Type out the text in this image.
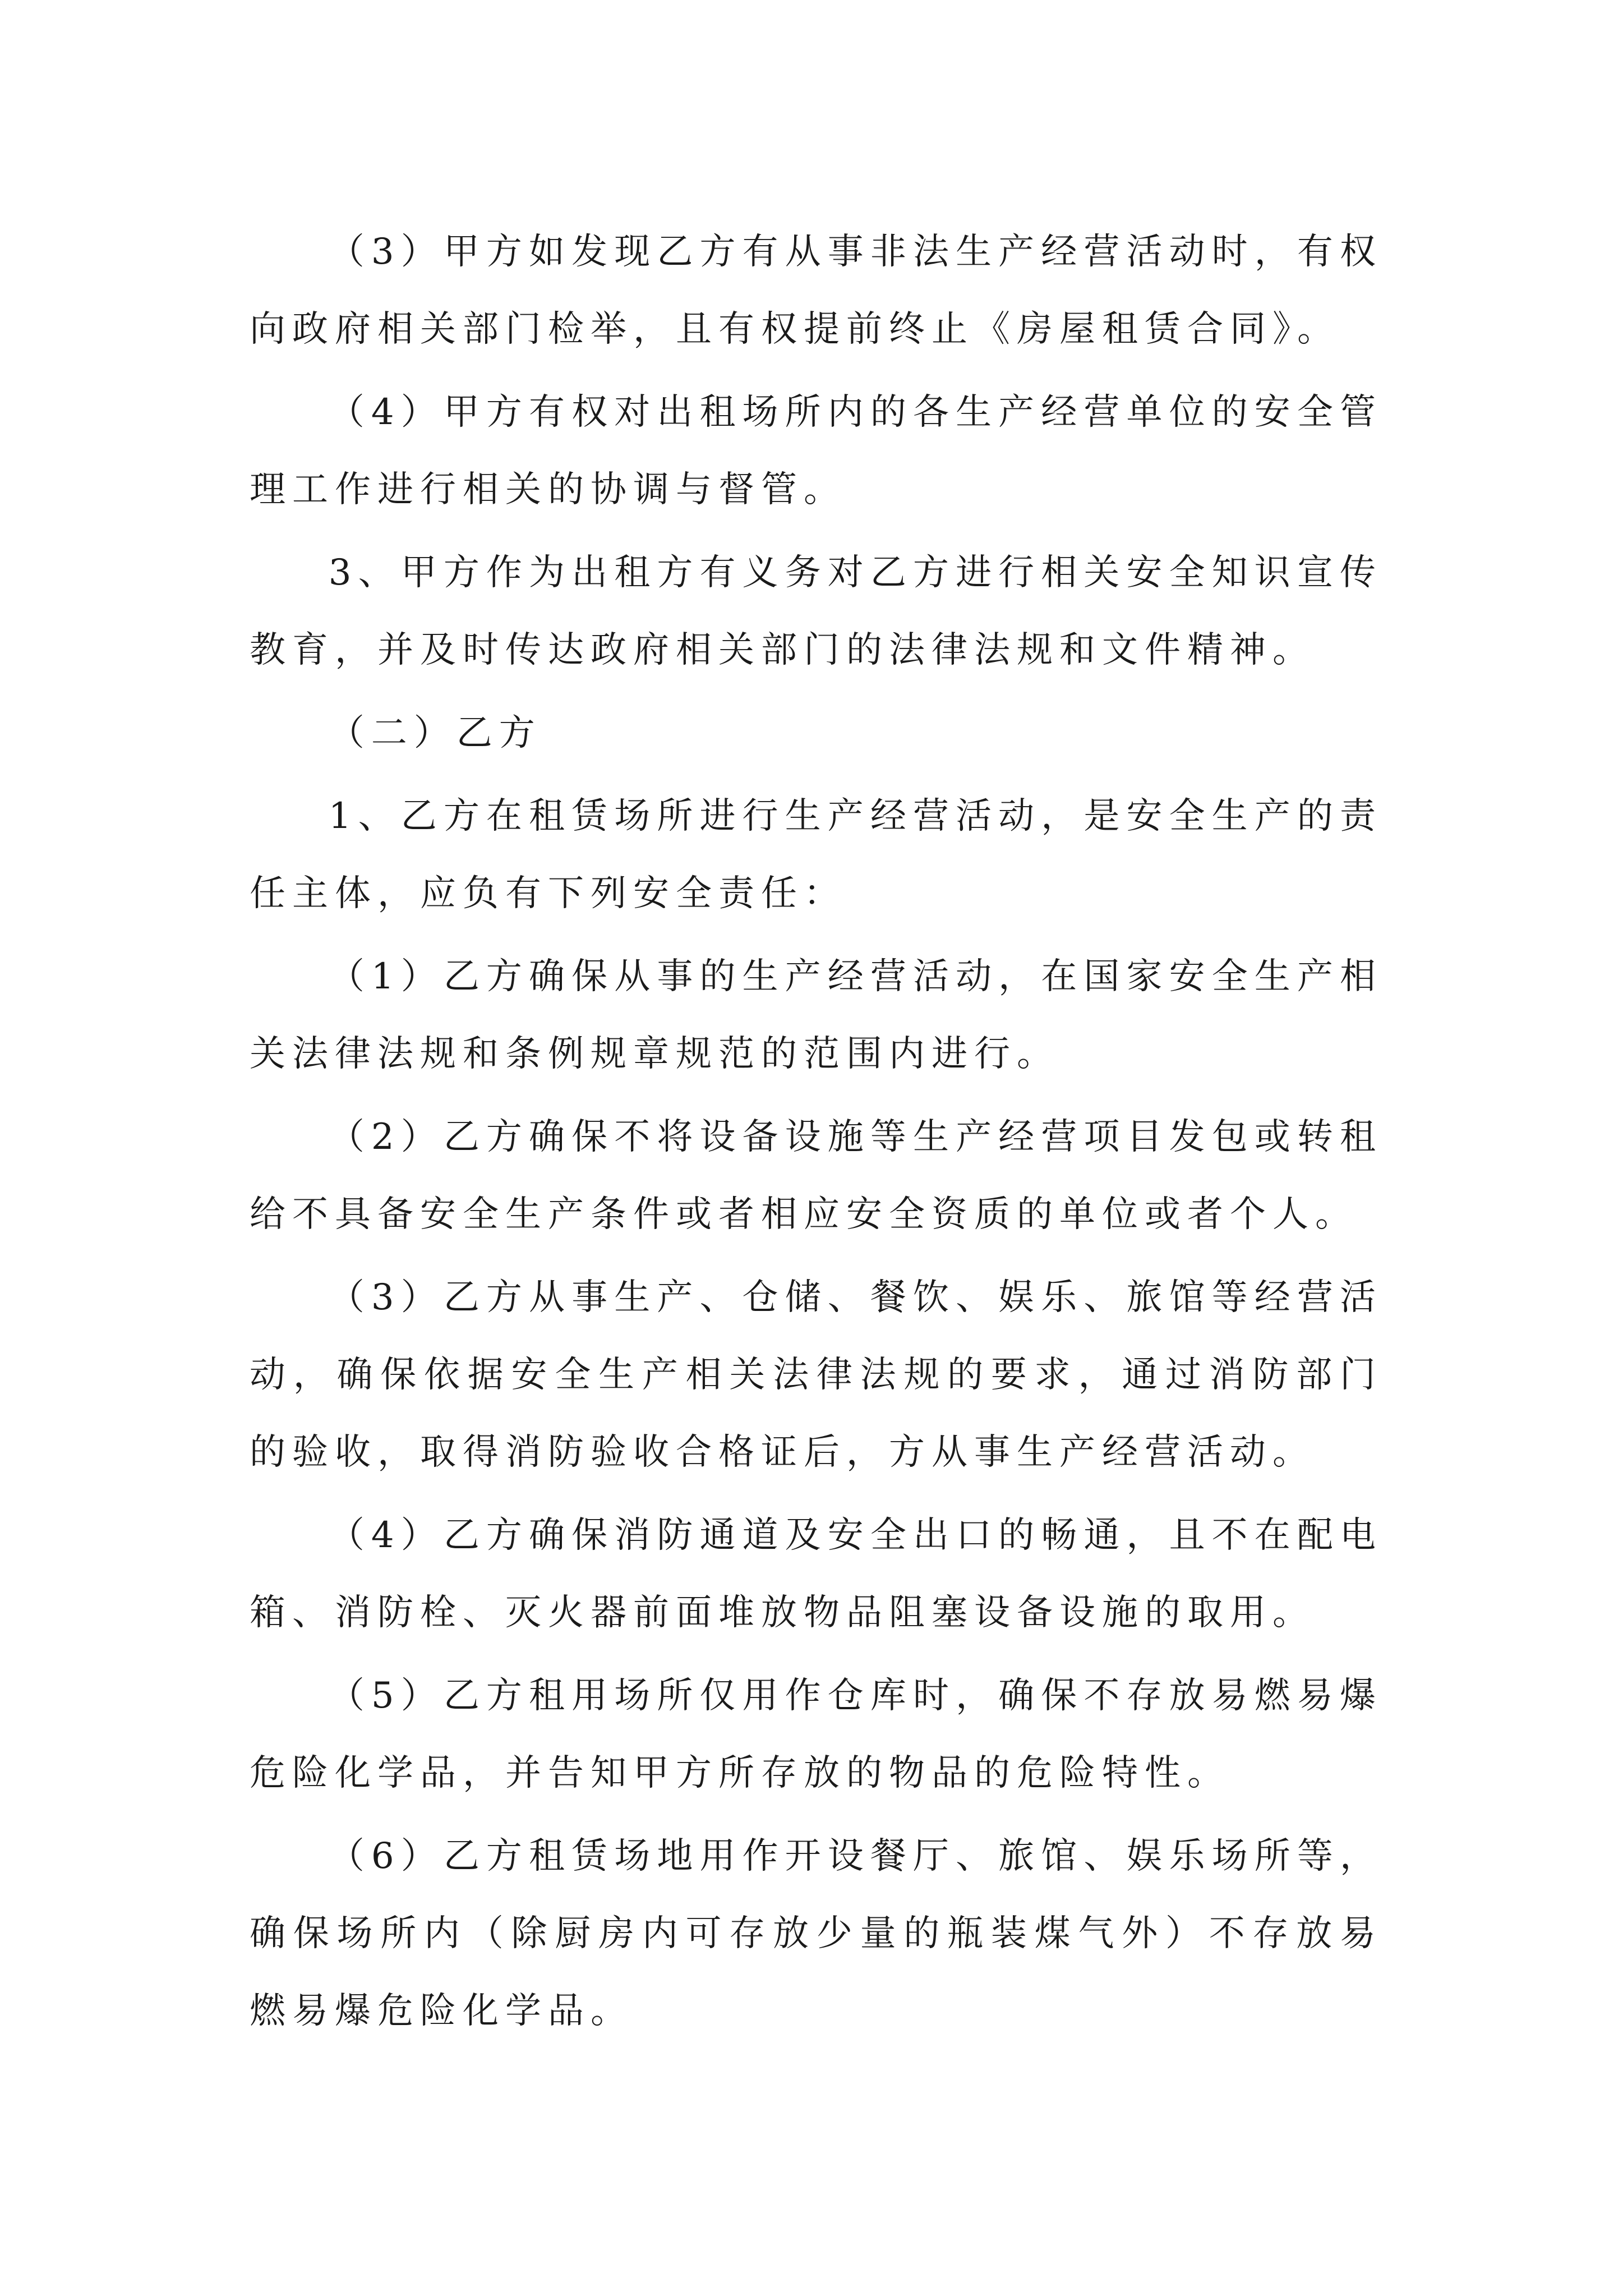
（3）甲方如发现乙方有从事非法生产经营活动时，有权向政府相关部门检举，且有权提前终止《房屋租赁合同》。

（4）甲方有权对出租场所内的各生产经营单位的安全管理工作进行相关的协调与督管。

3、甲方作为出租方有义务对乙方进行相关安全知识宣传教育，并及时传达政府相关部门的法律法规和文件精神。

（二）乙方

1、乙方在租赁场所进行生产经营活动，是安全生产的责任主体，应负有下列安全责任：

（1）乙方确保从事的生产经营活动，在国家安全生产相关法律法规和条例规章规范的范围内进行。

（2）乙方确保不将设备设施等生产经营项目发包或转租给不具备安全生产条件或者相应安全资质的单位或者个人。

（3）乙方从事生产、仓储、餐饮、娱乐、旅馆等经营活动，确保依据安全生产相关法律法规的要求，通过消防部门的验收，取得消防验收合格证后，方从事生产经营活动。

（4）乙方确保消防通道及安全出口的畅通，且不在配电箱、消防栓、灭火器前面堆放物品阻塞设备设施的取用。

（5）乙方租用场所仅用作仓库时，确保不存放易燃易爆危险化学品，并告知甲方所存放的物品的危险特性。

（6）乙方租赁场地用作开设餐厅、旅馆、娱乐场所等，确保场所内（除厨房内可存放少量的瓶装煤气外）不存放易燃易爆危险化学品。
